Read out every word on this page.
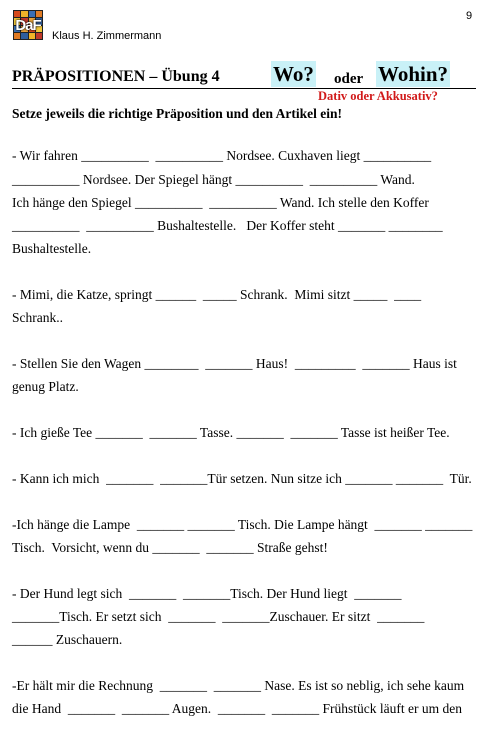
DaF
Klaus H. Zimmermann
9
PRÄPOSITIONEN – Übung 4	Wo? oder Wohin?
Dativ oder Akkusativ?
Setze jeweils die richtige Präposition und den Artikel ein!
- Wir fahren __________  __________ Nordsee. Cuxhaven liegt __________
__________ Nordsee. Der Spiegel hängt __________  __________ Wand.
Ich hänge den Spiegel __________  __________ Wand. Ich stelle den Koffer
__________  __________ Bushaltestelle.   Der Koffer steht _______ ________
Bushaltestelle.
- Mimi, die Katze, springt ______  _____ Schrank.  Mimi sitzt _____  ____
Schrank..
- Stellen Sie den Wagen ________  _______ Haus!  _________  _______ Haus ist
genug Platz.
- Ich gieße Tee _______  _______ Tasse. _______  _______ Tasse ist heißer Tee.
- Kann ich mich  _______  _______Tür setzen. Nun sitze ich _______ _______  Tür.
-Ich hänge die Lampe  _______ _______ Tisch. Die Lampe hängt  _______ _______
Tisch.  Vorsicht, wenn du _______  _______ Straße gehst!
- Der Hund legt sich  _______  _______Tisch. Der Hund liegt  _______
_______Tisch. Er setzt sich  _______  _______Zuschauer. Er sitzt  _______
______ Zuschauern.
-Er hält mir die Rechnung  _______  _______ Nase. Es ist so neblig, ich sehe kaum
die Hand  _______  _______ Augen.  _______  _______ Frühstück läuft er um den
